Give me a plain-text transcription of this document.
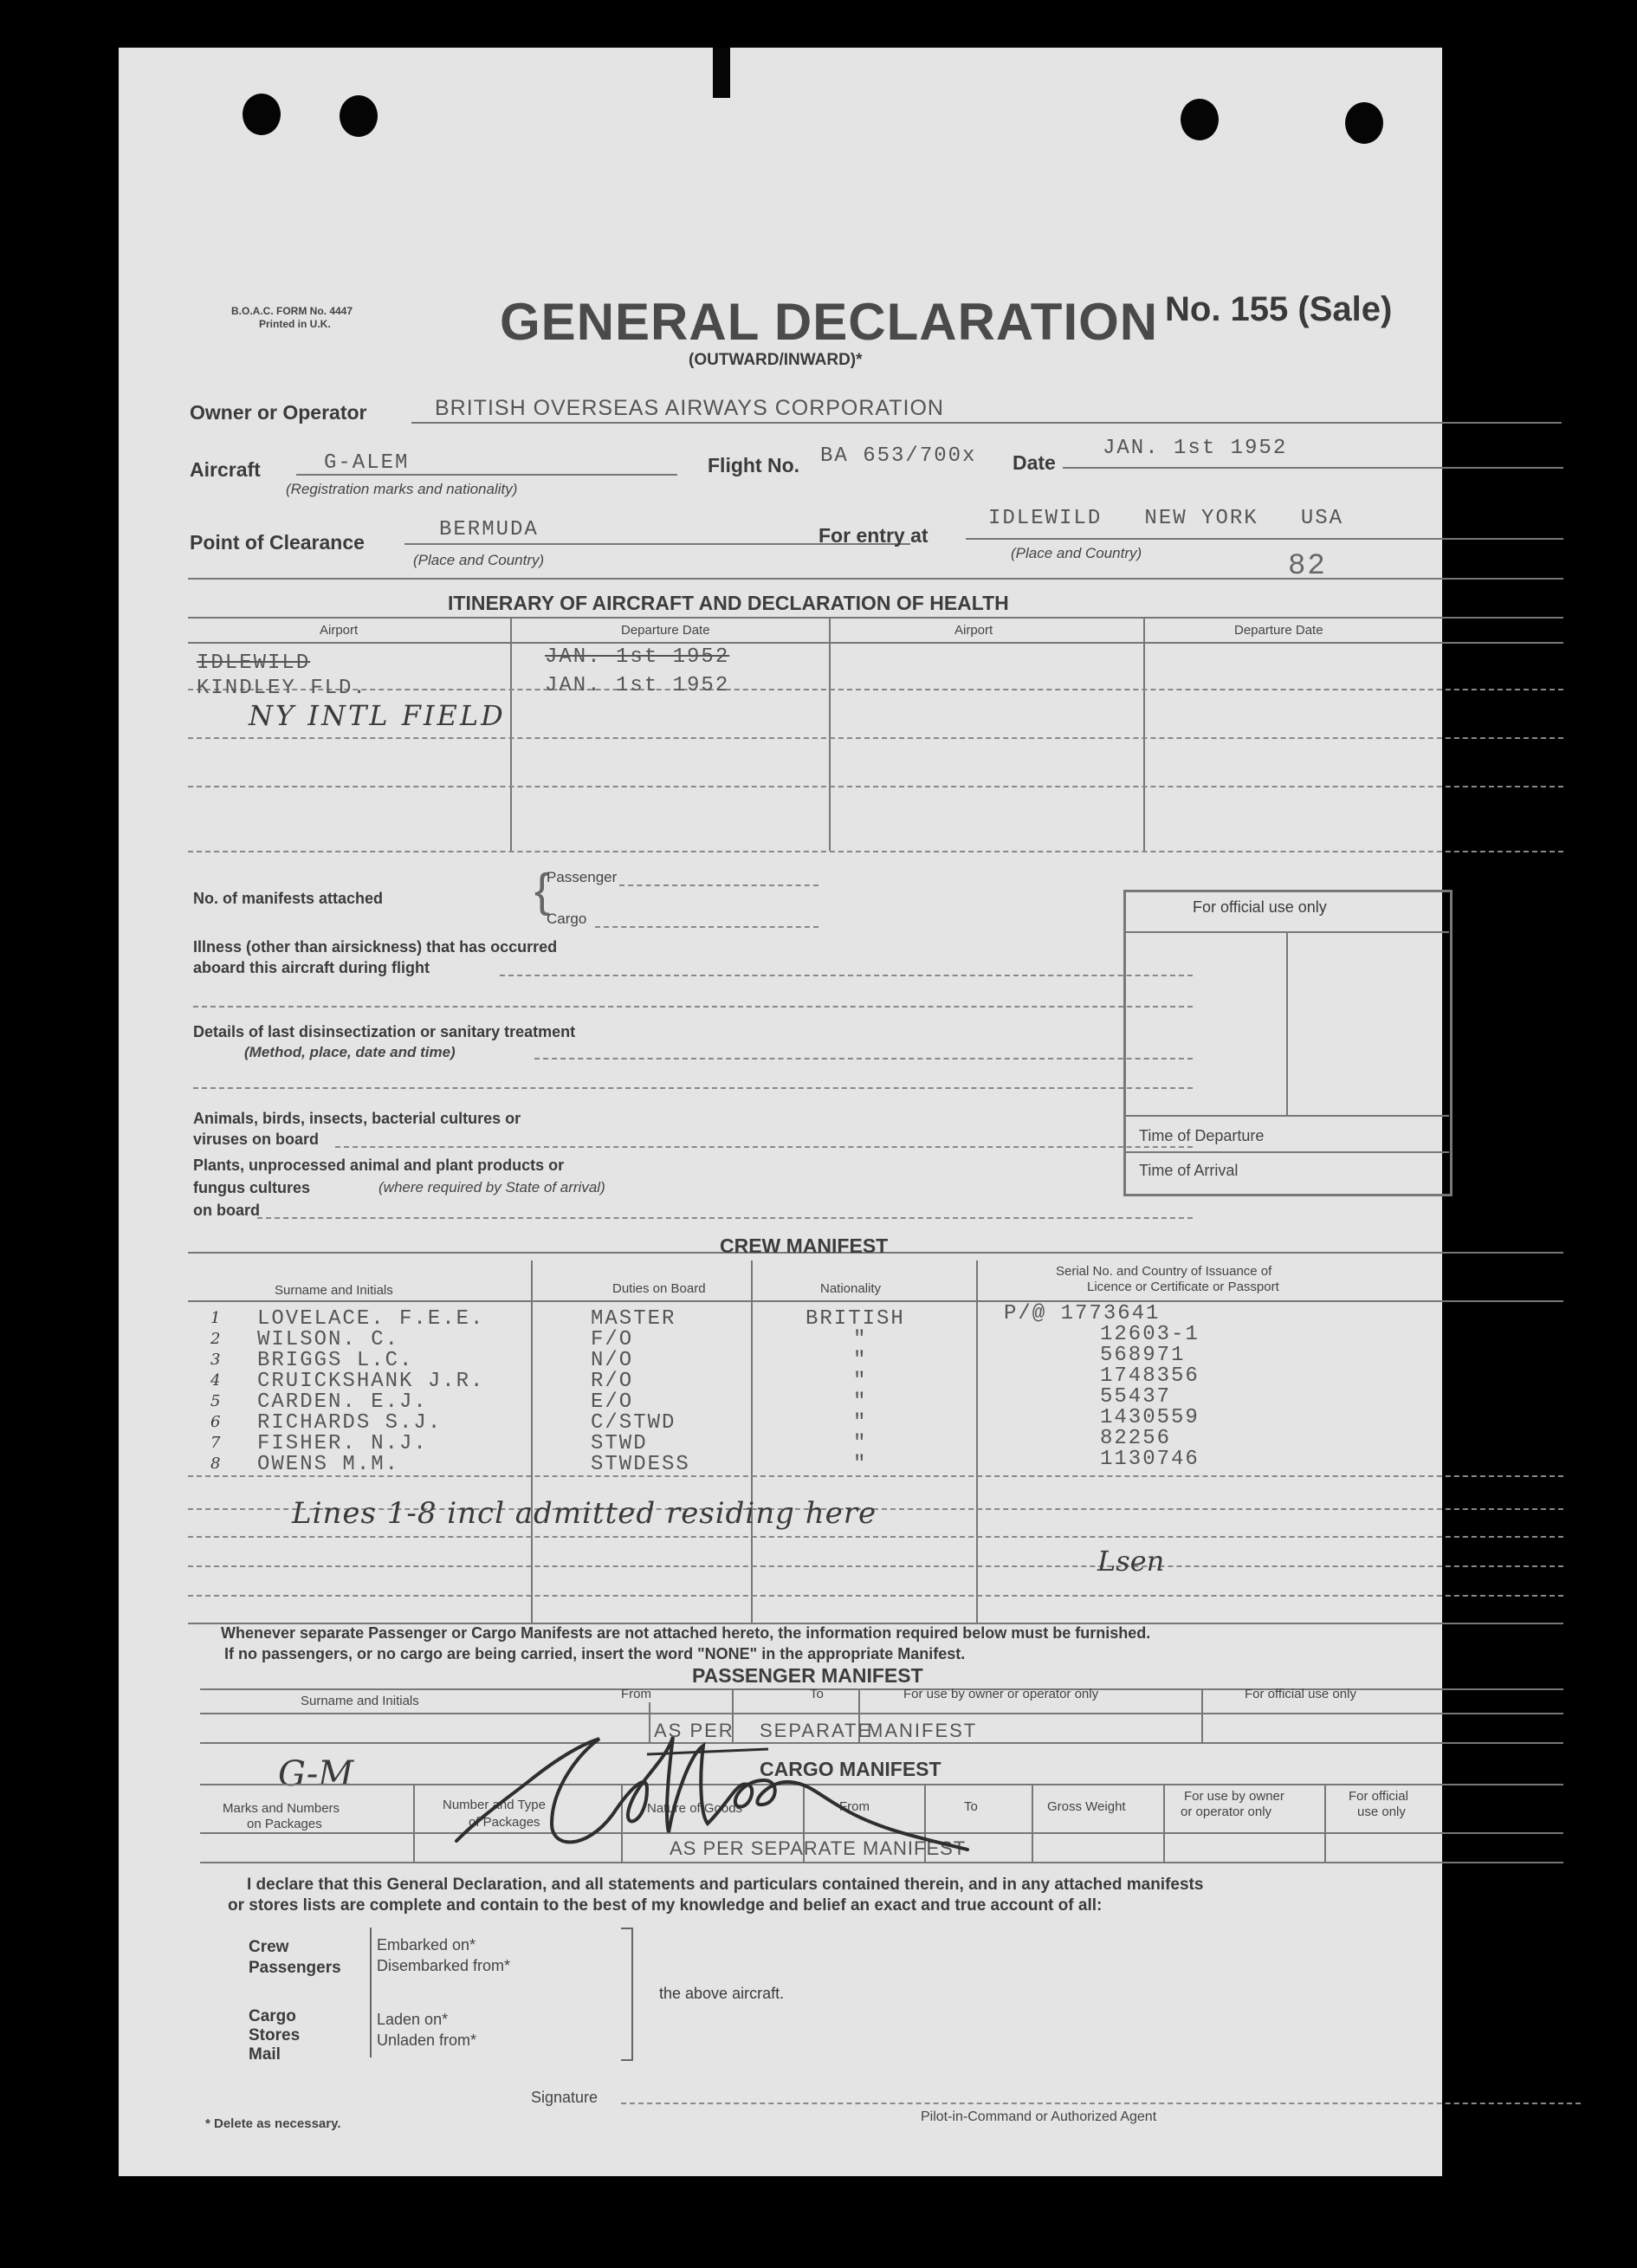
B.O.A.C. FORM No. 4447
Printed in U.K.	GENERAL DECLARATION No. 155 (Sale)
(OUTWARD/INWARD)*
Owner or Operator	BRITISH OVERSEAS AIRWAYS CORPORATION
Aircraft	G-ALEM
(Registration marks and nationality)
Flight No. BA 653/700x Date
JAN. 1st 1952
Point of Clearance
BERMUDA
(Place and Country)
For entry at
IDLEWILD   NEW YORK   USA
(Place and Country)	82
ITINERARY OF AIRCRAFT AND DECLARATION OF HEALTH
Airport	Departure Date	Airport	Departure Date
IDLEWILD	JAN. 1st 1952
KINDLEY FLD.	JAN. 1st 1952
NY INTL FIELD
No. of manifests attached	{
Passenger
Cargo
Illness (other than airsickness) that has occurred
aboard this aircraft during flight
Details of last disinsectization or sanitary treatment
(Method, place, date and time)
Animals, birds, insects, bacterial cultures or
viruses on board
Plants, unprocessed animal and plant products or
fungus cultures	(where required by State of arrival)
on board
For official use only
Time of Departure
Time of Arrival
CREW MANIFEST
Surname and Initials	Duties on Board	Nationality
Serial No. and Country of Issuance of
Licence or Certificate or Passport
1 LOVELACE. F.E.E.	MASTER	BRITISH	P/@ 1773641
2 WILSON. C.	F/O	"	12603-1
3 BRIGGS L.C.	N/O	"	568971
4 CRUICKSHANK J.R.	R/O	"	1748356
5 CARDEN. E.J.	E/O	"	55437
6 RICHARDS S.J.	C/STWD	"	1430559
7 FISHER. N.J.	STWD	"	82256
8 OWENS M.M.	STWDESS	"	1130746
Lines 1-8 incl admitted residing here
Lsen
Whenever separate Passenger or Cargo Manifests are not attached hereto, the information required below must be furnished.
If no passengers, or no cargo are being carried, insert the word "NONE" in the appropriate Manifest.
PASSENGER MANIFEST
Surname and Initials	From	To	For use by owner or operator only	For official use only
AS PER SEPARATE
MANIFEST
CARGO MANIFEST
G-M
Marks and Numbers
on Packages
Number and Type
of Packages
Nature of Goods	From	To	Gross Weight
For use by owner
or operator only
For official
use only
AS PER SEPARATE MANIFEST
I declare that this General Declaration, and all statements and particulars contained therein, and in any attached manifests
or stores lists are complete and contain to the best of my knowledge and belief an exact and true account of all:
Crew
Passengers
Embarked on*
Disembarked from*
Cargo
Stores
Mail
Laden on*
Unladen from*
the above aircraft.
Signature
Pilot-in-Command or Authorized Agent
* Delete as necessary.
